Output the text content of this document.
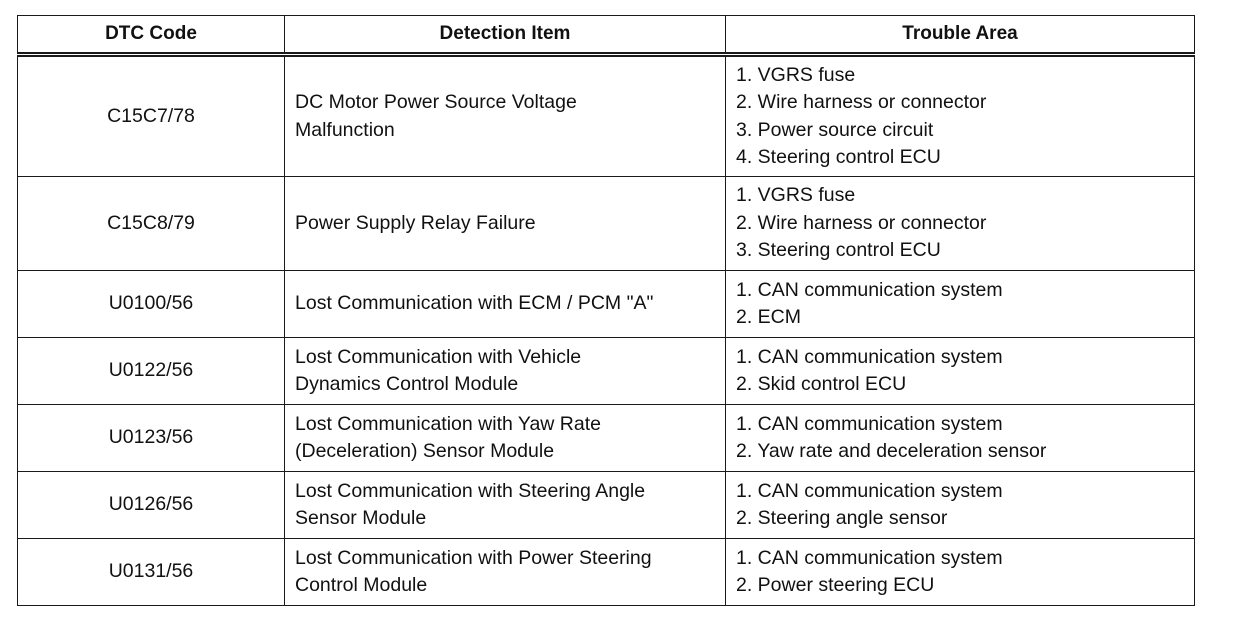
DTC Code	Detection Item	Trouble Area
C15C7/78	DC Motor Power Source Voltage
Malfunction	1. VGRS fuse
2. Wire harness or connector
3. Power source circuit
4. Steering control ECU

C15C8/79	Power Supply Relay Failure	1. VGRS fuse
2. Wire harness or connector
3. Steering control ECU

U0100/56	Lost Communication with ECM / PCM "A"	1. CAN communication system
2. ECM

U0122/56	Lost Communication with Vehicle
Dynamics Control Module	1. CAN communication system
2. Skid control ECU

U0123/56	Lost Communication with Yaw Rate
(Deceleration) Sensor Module	1. CAN communication system
2. Yaw rate and deceleration sensor

U0126/56	Lost Communication with Steering Angle
Sensor Module	1. CAN communication system
2. Steering angle sensor

U0131/56	Lost Communication with Power Steering
Control Module	1. CAN communication system
2. Power steering ECU
